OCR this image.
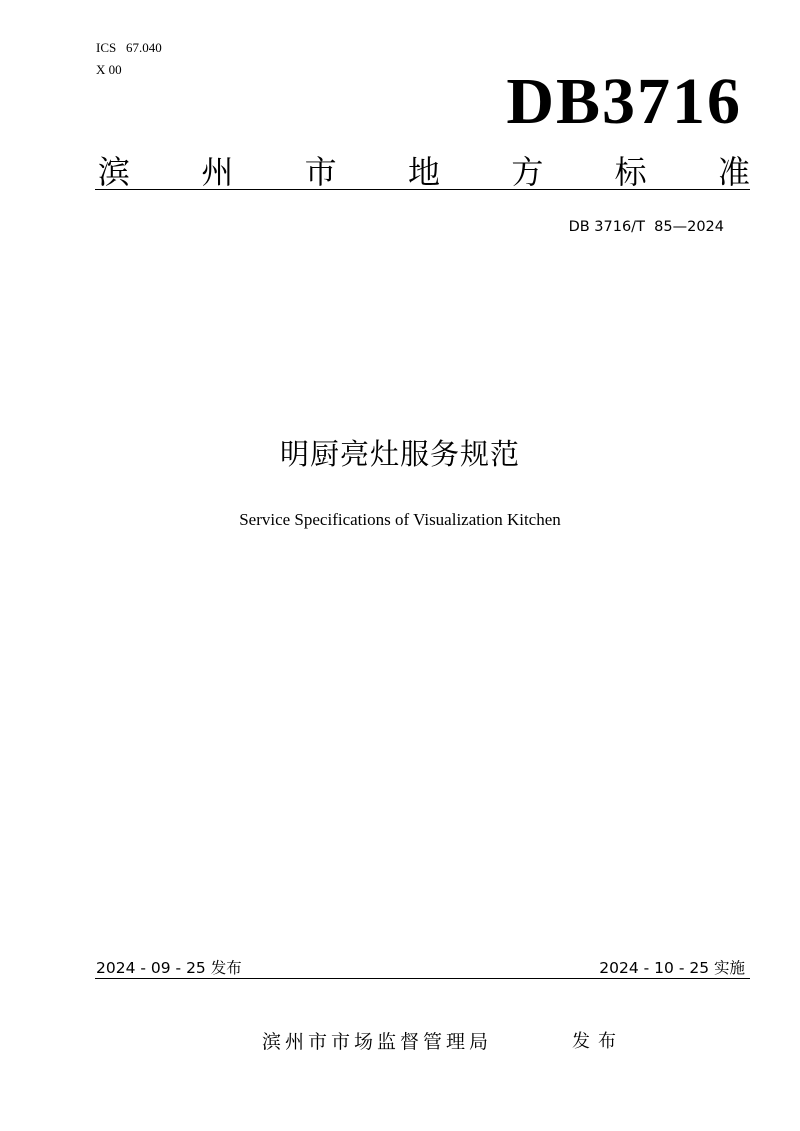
ICS   67.040
X 00	DB3716
滨 州 市 地 方 标 准
DB 3716/T  85—2024
明厨亮灶服务规范
Service Specifications of Visualization Kitchen
2024 - 09 - 25 发布	2024 - 10 - 25 实施
滨州市市场监督管理局	发布
